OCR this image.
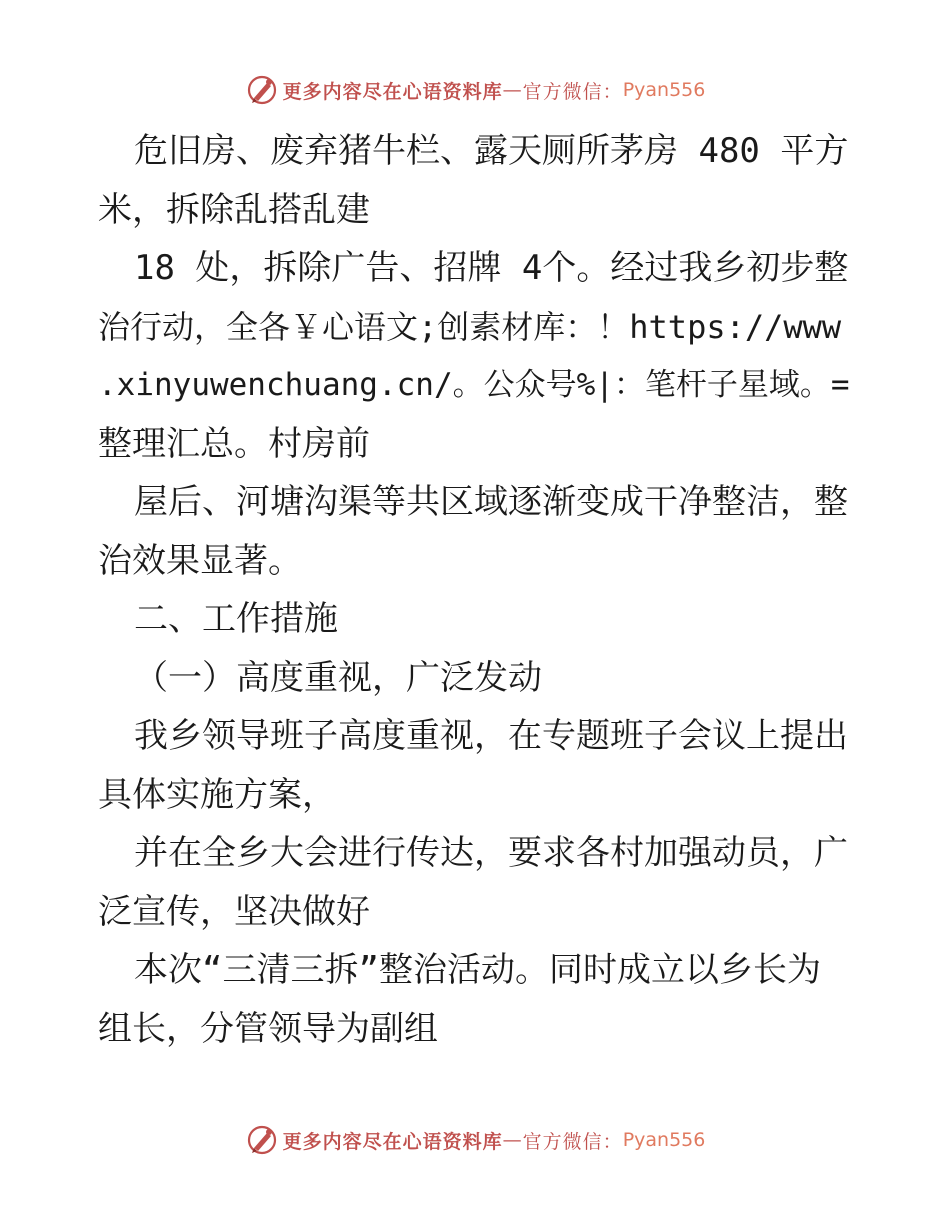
更多内容尽在心语资料库 — 官方微信： Pyan556
危旧房、废弃猪牛栏、露天厕所茅房 480 平方
米，拆除乱搭乱建
18 处，拆除广告、招牌 4个。经过我乡初步整
治行动，全各￥心语文;创素材库：！https://www
.xinyuwenchuang.cn/。公众号%|：笔杆子星域。=
整理汇总。村房前
屋后、河塘沟渠等共区域逐渐变成干净整洁，整
治效果显著。
二、工作措施
（一）高度重视，广泛发动
我乡领导班子高度重视，在专题班子会议上提出
具体实施方案，
并在全乡大会进行传达，要求各村加强动员，广
泛宣传，坚决做好
本次“三清三拆”整治活动。同时成立以乡长为
组长，分管领导为副组
更多内容尽在心语资料库 — 官方微信： Pyan556
